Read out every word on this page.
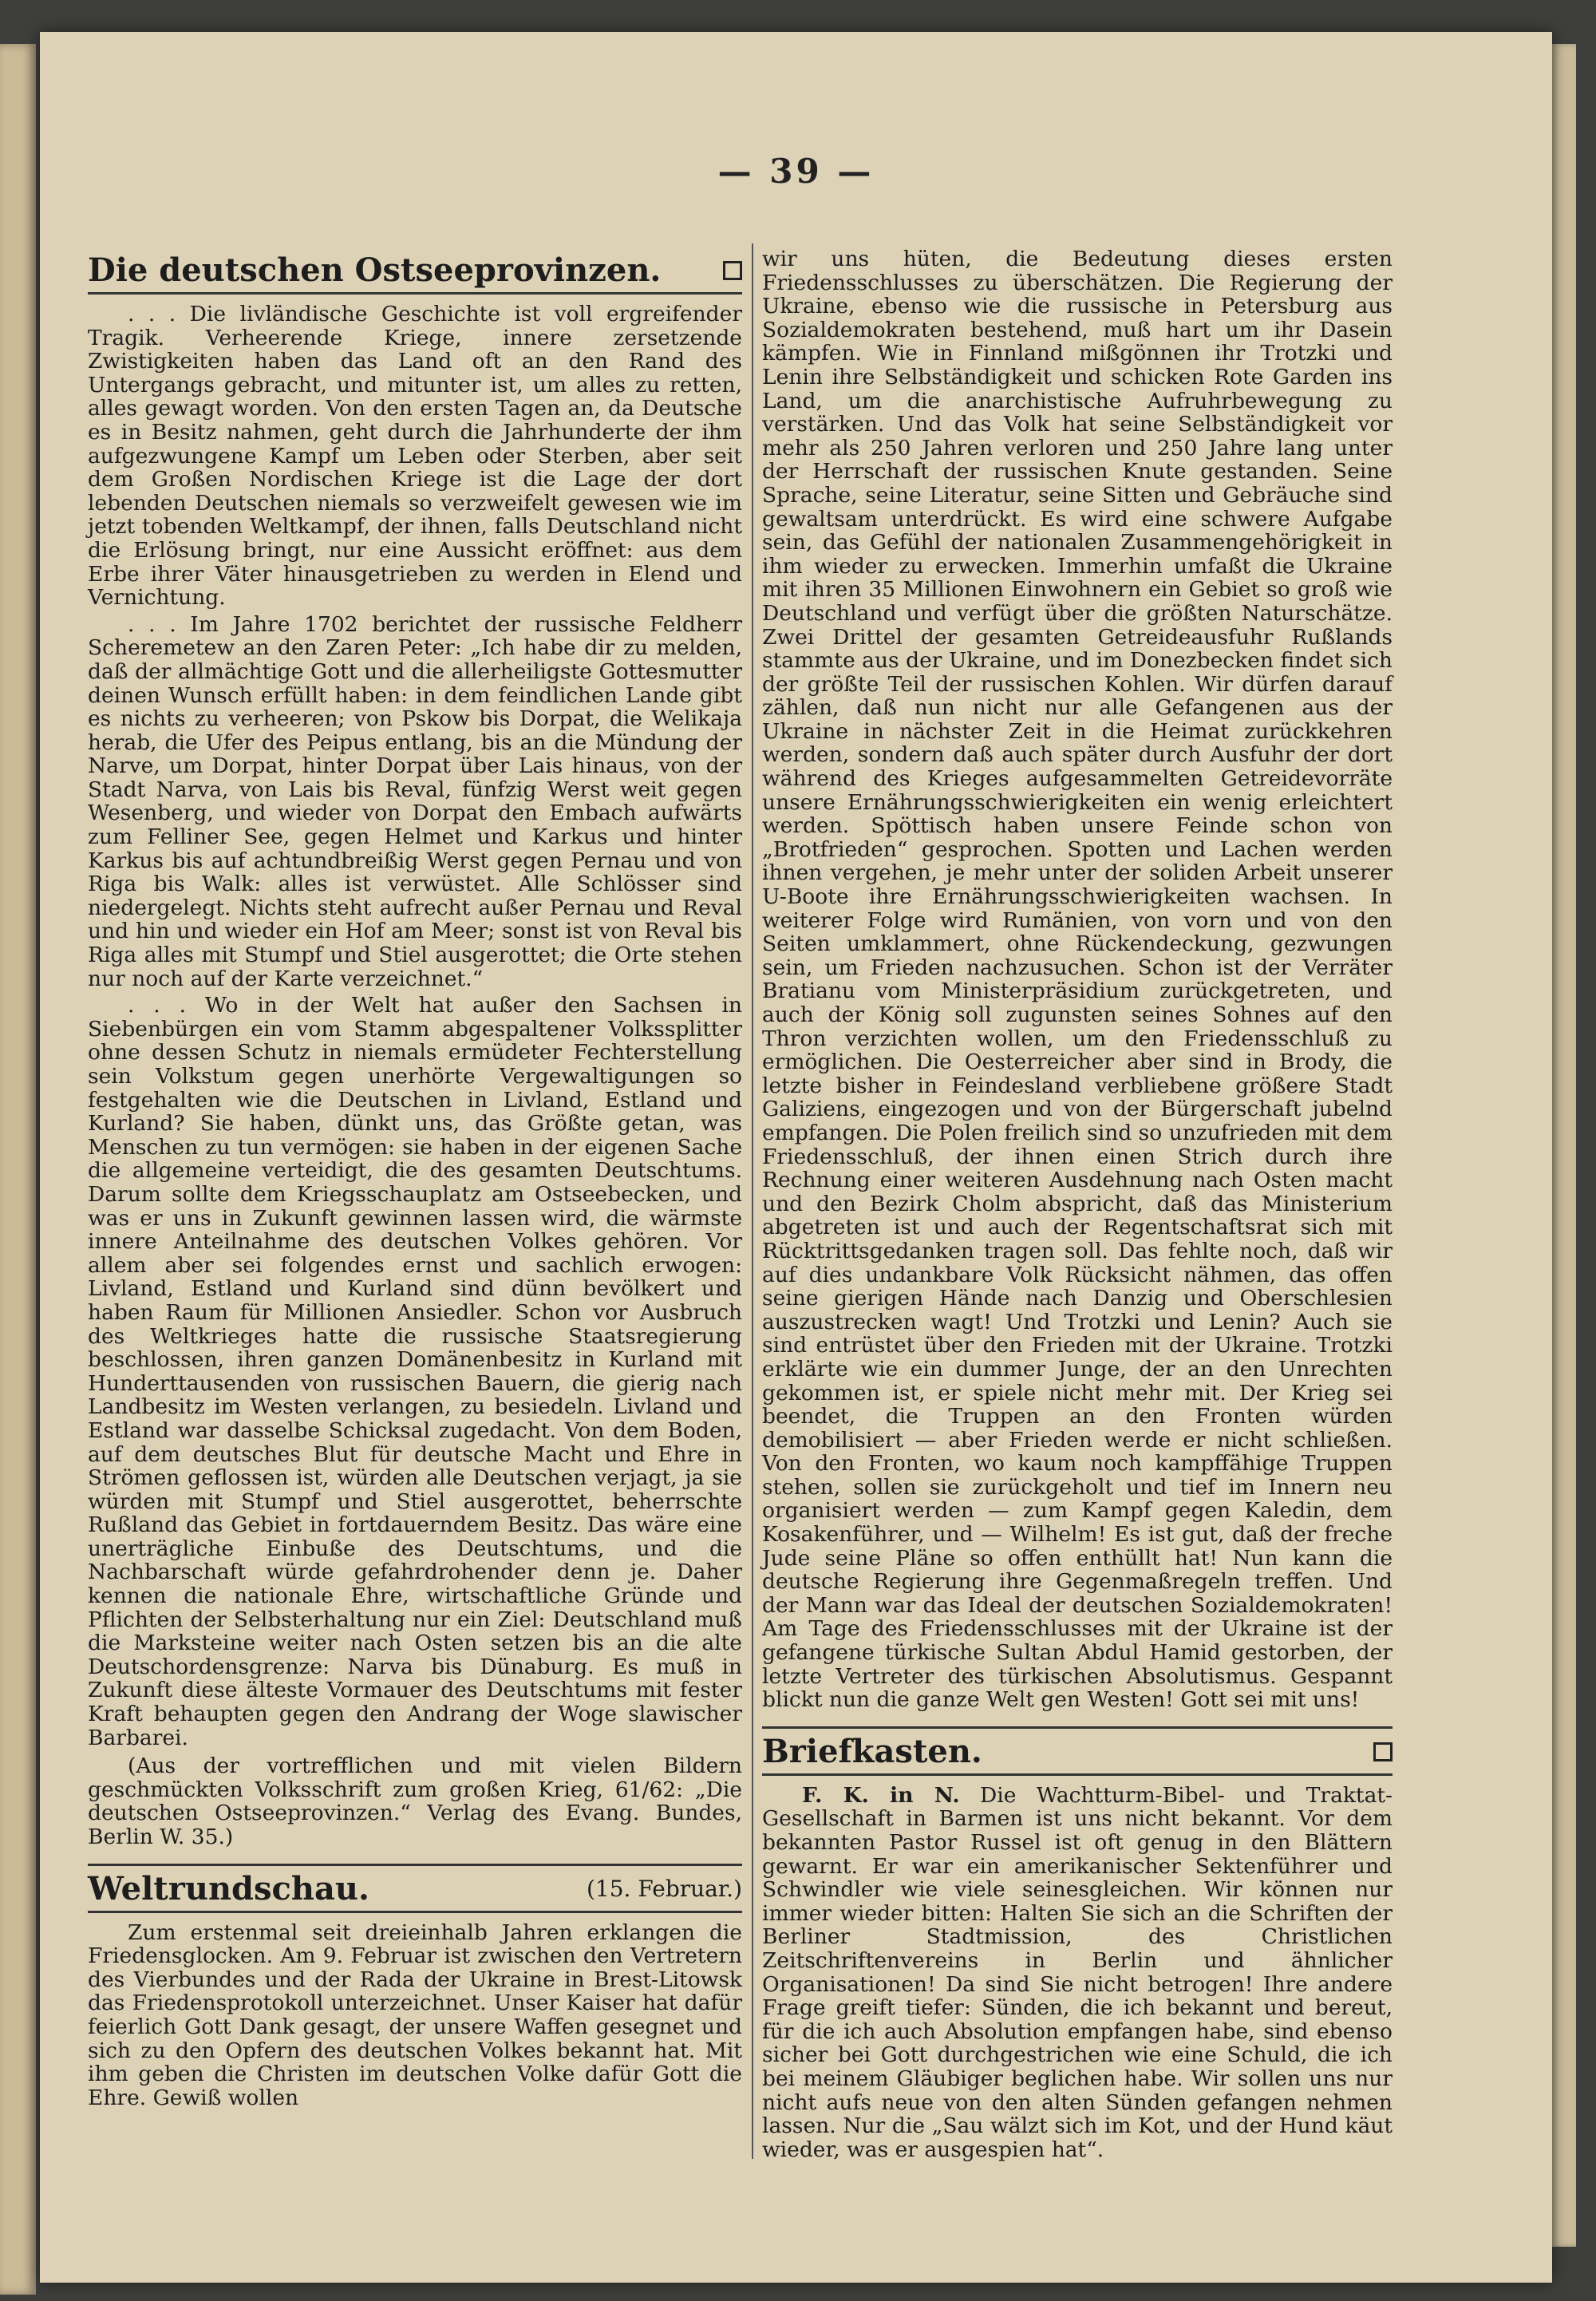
— 39 —
Die deutschen Ostseeprovinzen.

. . . Die livländische Geschichte ist voll ergreifender Tragik. Verheerende Kriege, innere zersetzende Zwistigkeiten haben das Land oft an den Rand des Untergangs gebracht, und mitunter ist, um alles zu retten, alles gewagt worden. Von den ersten Tagen an, da Deutsche es in Besitz nahmen, geht durch die Jahrhunderte der ihm aufgezwungene Kampf um Leben oder Sterben, aber seit dem Großen Nordischen Kriege ist die Lage der dort lebenden Deutschen niemals so verzweifelt gewesen wie im jetzt tobenden Weltkampf, der ihnen, falls Deutschland nicht die Erlösung bringt, nur eine Aussicht eröffnet: aus dem Erbe ihrer Väter hinausgetrieben zu werden in Elend und Vernichtung.

. . . Im Jahre 1702 berichtet der russische Feldherr Scheremetew an den Zaren Peter: „Ich habe dir zu melden, daß der allmächtige Gott und die allerheiligste Gottesmutter deinen Wunsch erfüllt haben: in dem feindlichen Lande gibt es nichts zu verheeren; von Pskow bis Dorpat, die Welikaja herab, die Ufer des Peipus entlang, bis an die Mündung der Narve, um Dorpat, hinter Dorpat über Lais hinaus, von der Stadt Narva, von Lais bis Reval, fünfzig Werst weit gegen Wesenberg, und wieder von Dorpat den Embach aufwärts zum Felliner See, gegen Helmet und Karkus und hinter Karkus bis auf achtundbreißig Werst gegen Pernau und von Riga bis Walk: alles ist verwüstet. Alle Schlösser sind niedergelegt. Nichts steht aufrecht außer Pernau und Reval und hin und wieder ein Hof am Meer; sonst ist von Reval bis Riga alles mit Stumpf und Stiel ausgerottet; die Orte stehen nur noch auf der Karte verzeichnet.“

. . . Wo in der Welt hat außer den Sachsen in Siebenbürgen ein vom Stamm abgespaltener Volkssplitter ohne dessen Schutz in niemals ermüdeter Fechterstellung sein Volkstum gegen unerhörte Vergewaltigungen so festgehalten wie die Deutschen in Livland, Estland und Kurland? Sie haben, dünkt uns, das Größte getan, was Menschen zu tun vermögen: sie haben in der eigenen Sache die allgemeine verteidigt, die des gesamten Deutschtums. Darum sollte dem Kriegsschauplatz am Ostseebecken, und was er uns in Zukunft gewinnen lassen wird, die wärmste innere Anteilnahme des deutschen Volkes gehören. Vor allem aber sei folgendes ernst und sachlich erwogen: Livland, Estland und Kurland sind dünn bevölkert und haben Raum für Millionen Ansiedler. Schon vor Ausbruch des Weltkrieges hatte die russische Staatsregierung beschlossen, ihren ganzen Domänenbesitz in Kurland mit Hunderttausenden von russischen Bauern, die gierig nach Landbesitz im Westen verlangen, zu besiedeln. Livland und Estland war dasselbe Schicksal zugedacht. Von dem Boden, auf dem deutsches Blut für deutsche Macht und Ehre in Strömen geflossen ist, würden alle Deutschen verjagt, ja sie würden mit Stumpf und Stiel ausgerottet, beherrschte Rußland das Gebiet in fortdauerndem Besitz. Das wäre eine unerträgliche Einbuße des Deutschtums, und die Nachbarschaft würde gefahrdrohender denn je. Daher kennen die nationale Ehre, wirtschaftliche Gründe und Pflichten der Selbsterhaltung nur ein Ziel: Deutschland muß die Marksteine weiter nach Osten setzen bis an die alte Deutschordensgrenze: Narva bis Dünaburg. Es muß in Zukunft diese älteste Vormauer des Deutschtums mit fester Kraft behaupten gegen den Andrang der Woge slawischer Barbarei.

(Aus der vortrefflichen und mit vielen Bildern geschmückten Volksschrift zum großen Krieg, 61/62: „Die deutschen Ostseeprovinzen.“ Verlag des Evang. Bundes, Berlin W. 35.)

Weltrundschau.	(15. Februar.)

Zum erstenmal seit dreieinhalb Jahren erklangen die Friedensglocken. Am 9. Februar ist zwischen den Vertretern des Vierbundes und der Rada der Ukraine in Brest-Litowsk das Friedensprotokoll unterzeichnet. Unser Kaiser hat dafür feierlich Gott Dank gesagt, der unsere Waffen gesegnet und sich zu den Opfern des deutschen Volkes bekannt hat. Mit ihm geben die Christen im deutschen Volke dafür Gott die Ehre. Gewiß wollen

wir uns hüten, die Bedeutung dieses ersten Friedensschlusses zu überschätzen. Die Regierung der Ukraine, ebenso wie die russische in Petersburg aus Sozialdemokraten bestehend, muß hart um ihr Dasein kämpfen. Wie in Finnland mißgönnen ihr Trotzki und Lenin ihre Selbständigkeit und schicken Rote Garden ins Land, um die anarchistische Aufruhrbewegung zu verstärken. Und das Volk hat seine Selbständigkeit vor mehr als 250 Jahren verloren und 250 Jahre lang unter der Herrschaft der russischen Knute gestanden. Seine Sprache, seine Literatur, seine Sitten und Gebräuche sind gewaltsam unterdrückt. Es wird eine schwere Aufgabe sein, das Gefühl der nationalen Zusammengehörigkeit in ihm wieder zu erwecken. Immerhin umfaßt die Ukraine mit ihren 35 Millionen Einwohnern ein Gebiet so groß wie Deutschland und verfügt über die größten Naturschätze. Zwei Drittel der gesamten Getreideausfuhr Rußlands stammte aus der Ukraine, und im Donezbecken findet sich der größte Teil der russischen Kohlen. Wir dürfen darauf zählen, daß nun nicht nur alle Gefangenen aus der Ukraine in nächster Zeit in die Heimat zurückkehren werden, sondern daß auch später durch Ausfuhr der dort während des Krieges aufgesammelten Getreidevorräte unsere Ernährungsschwierigkeiten ein wenig erleichtert werden. Spöttisch haben unsere Feinde schon von „Brotfrieden“ gesprochen. Spotten und Lachen werden ihnen vergehen, je mehr unter der soliden Arbeit unserer U-Boote ihre Ernährungsschwierigkeiten wachsen. In weiterer Folge wird Rumänien, von vorn und von den Seiten umklammert, ohne Rückendeckung, gezwungen sein, um Frieden nachzusuchen. Schon ist der Verräter Bratianu vom Ministerpräsidium zurückgetreten, und auch der König soll zugunsten seines Sohnes auf den Thron verzichten wollen, um den Friedensschluß zu ermöglichen. Die Oesterreicher aber sind in Brody, die letzte bisher in Feindesland verbliebene größere Stadt Galiziens, eingezogen und von der Bürgerschaft jubelnd empfangen. Die Polen freilich sind so unzufrieden mit dem Friedensschluß, der ihnen einen Strich durch ihre Rechnung einer weiteren Ausdehnung nach Osten macht und den Bezirk Cholm abspricht, daß das Ministerium abgetreten ist und auch der Regentschaftsrat sich mit Rücktrittsgedanken tragen soll. Das fehlte noch, daß wir auf dies undankbare Volk Rücksicht nähmen, das offen seine gierigen Hände nach Danzig und Oberschlesien auszustrecken wagt! Und Trotzki und Lenin? Auch sie sind entrüstet über den Frieden mit der Ukraine. Trotzki erklärte wie ein dummer Junge, der an den Unrechten gekommen ist, er spiele nicht mehr mit. Der Krieg sei beendet, die Truppen an den Fronten würden demobilisiert — aber Frieden werde er nicht schließen. Von den Fronten, wo kaum noch kampffähige Truppen stehen, sollen sie zurückgeholt und tief im Innern neu organisiert werden — zum Kampf gegen Kaledin, dem Kosakenführer, und — Wilhelm! Es ist gut, daß der freche Jude seine Pläne so offen enthüllt hat! Nun kann die deutsche Regierung ihre Gegenmaßregeln treffen. Und der Mann war das Ideal der deutschen Sozialdemokraten! Am Tage des Friedensschlusses mit der Ukraine ist der gefangene türkische Sultan Abdul Hamid gestorben, der letzte Vertreter des türkischen Absolutismus. Gespannt blickt nun die ganze Welt gen Westen! Gott sei mit uns!

Briefkasten.

F. K. in N. Die Wachtturm-Bibel- und Traktat-Gesellschaft in Barmen ist uns nicht bekannt. Vor dem bekannten Pastor Russel ist oft genug in den Blättern gewarnt. Er war ein amerikanischer Sektenführer und Schwindler wie viele seinesgleichen. Wir können nur immer wieder bitten: Halten Sie sich an die Schriften der Berliner Stadtmission, des Christlichen Zeitschriftenvereins in Berlin und ähnlicher Organisationen! Da sind Sie nicht betrogen! Ihre andere Frage greift tiefer: Sünden, die ich bekannt und bereut, für die ich auch Absolution empfangen habe, sind ebenso sicher bei Gott durchgestrichen wie eine Schuld, die ich bei meinem Gläubiger beglichen habe. Wir sollen uns nur nicht aufs neue von den alten Sünden gefangen nehmen lassen. Nur die „Sau wälzt sich im Kot, und der Hund käut wieder, was er ausgespien hat“.
